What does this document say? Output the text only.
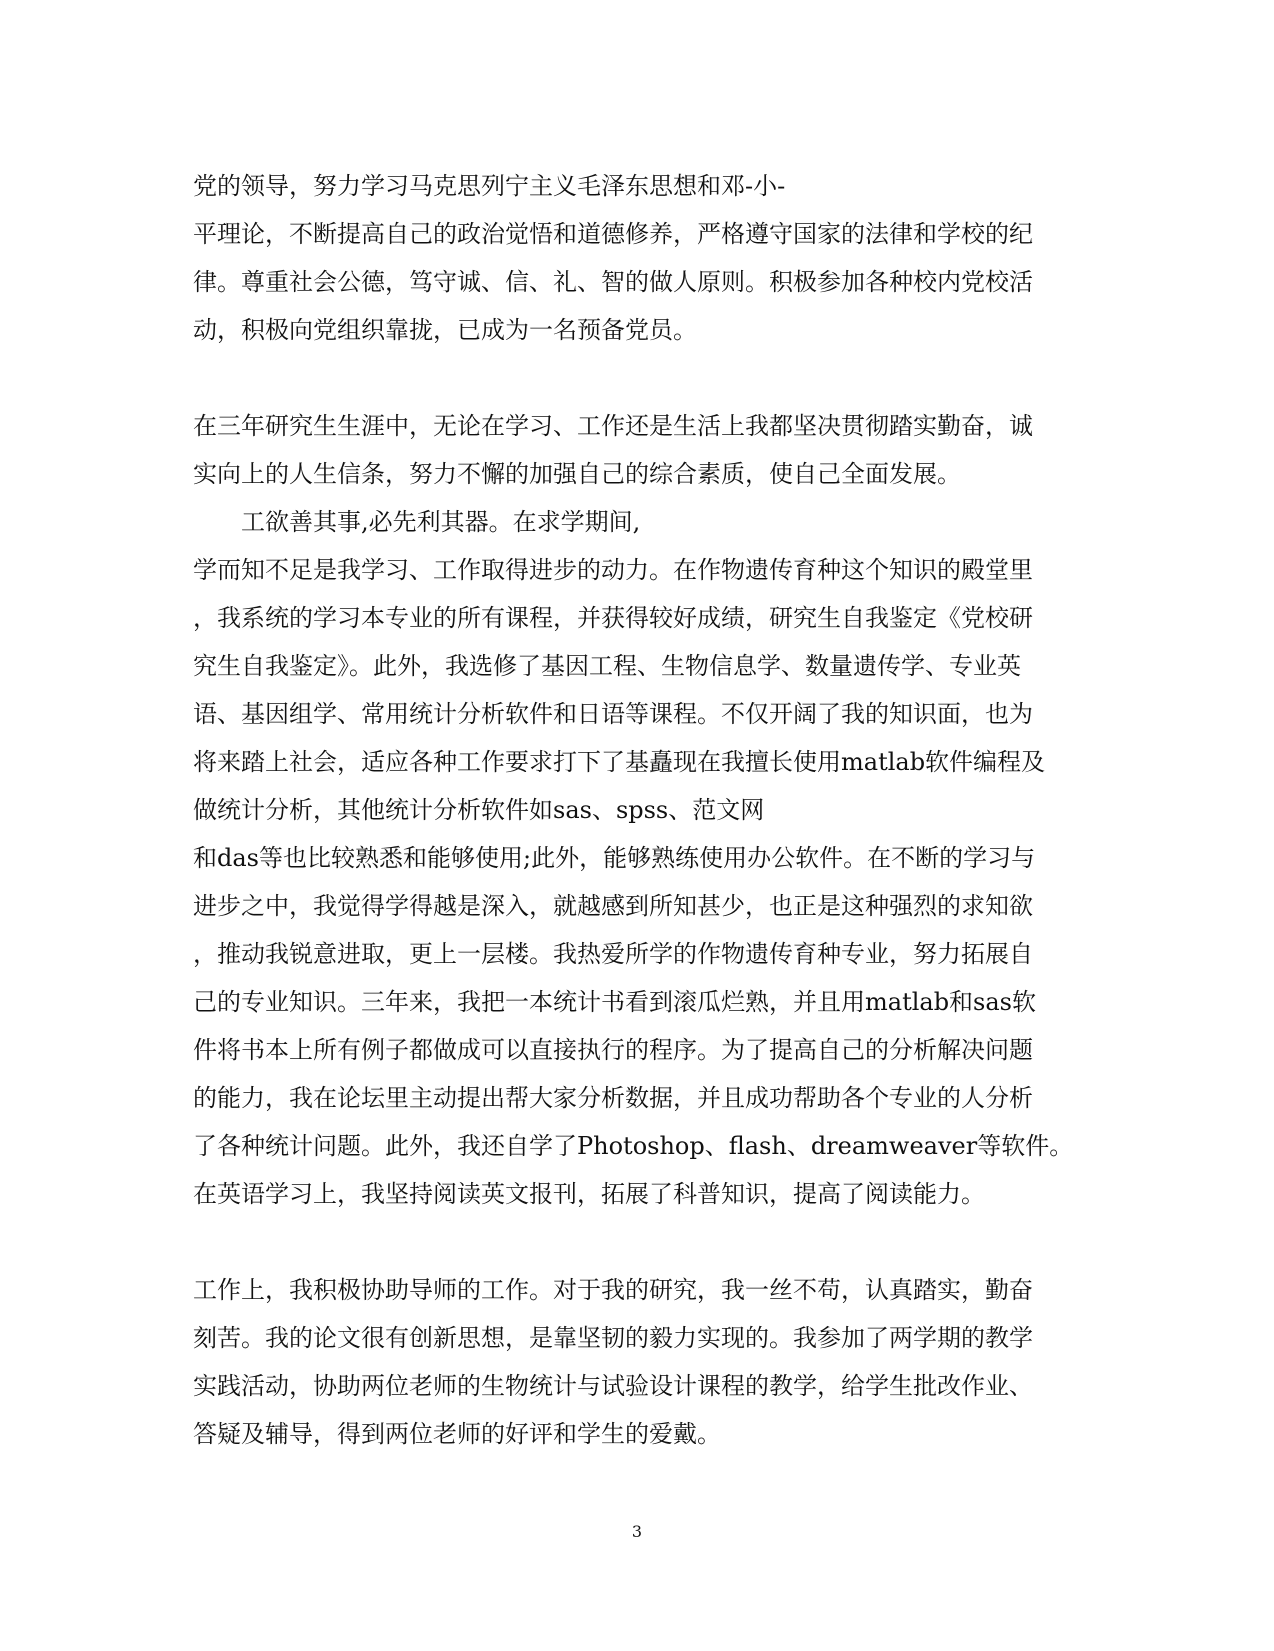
党的领导，努力学习马克思列宁主义毛泽东思想和邓-小-
平理论，不断提高自己的政治觉悟和道德修养，严格遵守国家的法律和学校的纪
律。尊重社会公德，笃守诚、信、礼、智的做人原则。积极参加各种校内党校活
动，积极向党组织靠拢，已成为一名预备党员。
在三年研究生生涯中，无论在学习、工作还是生活上我都坚决贯彻踏实勤奋，诚
实向上的人生信条，努力不懈的加强自己的综合素质，使自己全面发展。
工欲善其事,必先利其器。在求学期间,
学而知不足是我学习、工作取得进步的动力。在作物遗传育种这个知识的殿堂里
，我系统的学习本专业的所有课程，并获得较好成绩，研究生自我鉴定《党校研
究生自我鉴定》。此外，我选修了基因工程、生物信息学、数量遗传学、专业英
语、基因组学、常用统计分析软件和日语等课程。不仅开阔了我的知识面，也为
将来踏上社会，适应各种工作要求打下了基矗现在我擅长使用matlab软件编程及
做统计分析，其他统计分析软件如sas、spss、范文网
和das等也比较熟悉和能够使用;此外，能够熟练使用办公软件。在不断的学习与
进步之中，我觉得学得越是深入，就越感到所知甚少，也正是这种强烈的求知欲
，推动我锐意进取，更上一层楼。我热爱所学的作物遗传育种专业，努力拓展自
己的专业知识。三年来，我把一本统计书看到滚瓜烂熟，并且用matlab和sas软
件将书本上所有例子都做成可以直接执行的程序。为了提高自己的分析解决问题
的能力，我在论坛里主动提出帮大家分析数据，并且成功帮助各个专业的人分析
了各种统计问题。此外，我还自学了Photoshop、flash、dreamweaver等软件。
在英语学习上，我坚持阅读英文报刊，拓展了科普知识，提高了阅读能力。
工作上，我积极协助导师的工作。对于我的研究，我一丝不苟，认真踏实，勤奋
刻苦。我的论文很有创新思想，是靠坚韧的毅力实现的。我参加了两学期的教学
实践活动，协助两位老师的生物统计与试验设计课程的教学，给学生批改作业、
答疑及辅导，得到两位老师的好评和学生的爱戴。
3
